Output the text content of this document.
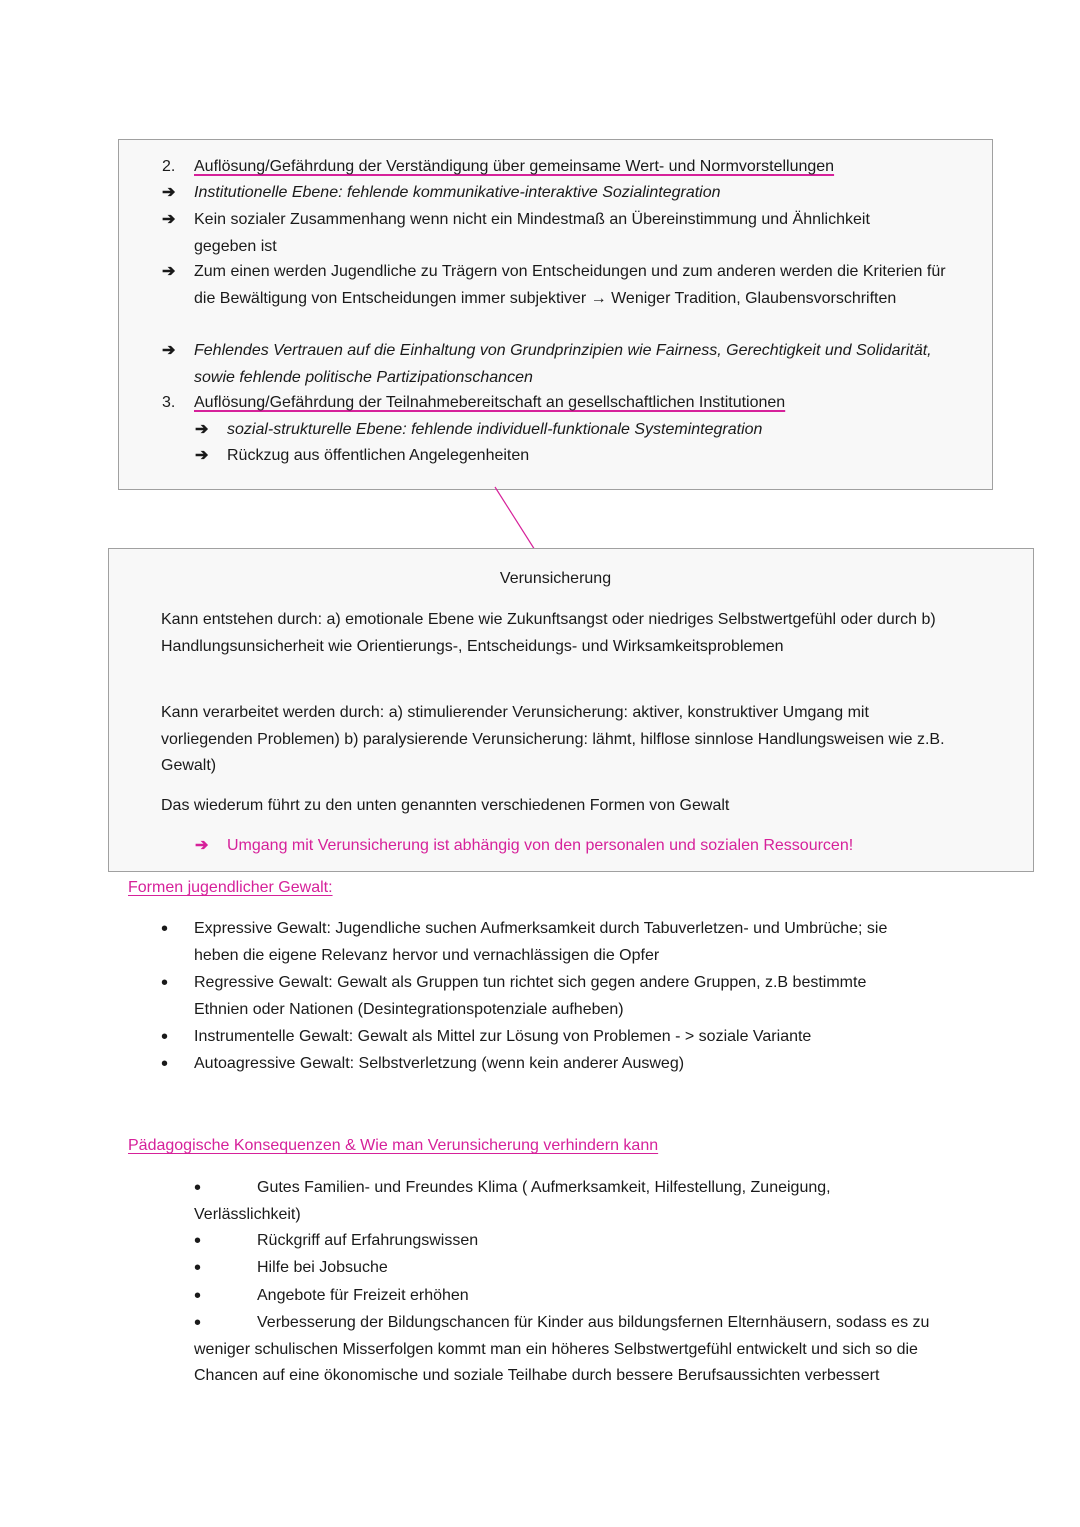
2. Auflösung/Gefährdung der Verständigung über gemeinsame Wert- und Normvorstellungen
➔ Institutionelle Ebene: fehlende kommunikative-interaktive Sozialintegration
➔ Kein sozialer Zusammenhang wenn nicht ein Mindestmaß an Übereinstimmung und Ähnlichkeit gegeben ist
➔ Zum einen werden Jugendliche zu Trägern von Entscheidungen und zum anderen werden die Kriterien für die Bewältigung von Entscheidungen immer subjektiver → Weniger Tradition, Glaubensvorschriften
➔ Fehlendes Vertrauen auf die Einhaltung von Grundprinzipien wie Fairness, Gerechtigkeit und Solidarität, sowie fehlende politische Partizipationschancen
3. Auflösung/Gefährdung der Teilnahmebereitschaft an gesellschaftlichen Institutionen
➔ sozial-strukturelle Ebene: fehlende individuell-funktionale Systemintegration
➔ Rückzug aus öffentlichen Angelegenheiten
Verunsicherung
Kann entstehen durch: a) emotionale Ebene wie Zukunftsangst oder niedriges Selbstwertgefühl oder durch b) Handlungsunsicherheit wie Orientierungs-, Entscheidungs- und Wirksamkeitsproblemen
Kann verarbeitet werden durch: a) stimulierender Verunsicherung: aktiver, konstruktiver Umgang mit vorliegenden Problemen) b) paralysierende Verunsicherung: lähmt, hilflose sinnlose Handlungsweisen wie z.B. Gewalt)
Das wiederum führt zu den unten genannten verschiedenen Formen von Gewalt
➔ Umgang mit Verunsicherung ist abhängig von den personalen und sozialen Ressourcen!
Formen jugendlicher Gewalt:
• Expressive Gewalt: Jugendliche suchen Aufmerksamkeit durch Tabuverletzen- und Umbrüche; sie heben die eigene Relevanz hervor und vernachlässigen die Opfer
• Regressive Gewalt: Gewalt als Gruppen tun richtet sich gegen andere Gruppen, z.B bestimmte Ethnien oder Nationen (Desintegrationspotenziale aufheben)
• Instrumentelle Gewalt: Gewalt als Mittel zur Lösung von Problemen - > soziale Variante
• Autoagressive Gewalt: Selbstverletzung (wenn kein anderer Ausweg)
Pädagogische Konsequenzen & Wie man Verunsicherung verhindern kann
Gutes Familien- und Freundes Klima ( Aufmerksamkeit, Hilfestellung, Zuneigung, Verlässlichkeit)
•
•	Rückgriff auf Erfahrungswissen
•	Hilfe bei Jobsuche
•	Angebote für Freizeit erhöhen
•	Verbesserung der Bildungschancen für Kinder aus bildungsfernen Elternhäusern, sodass es zu weniger schulischen Misserfolgen kommt man ein höheres Selbstwertgefühl entwickelt und sich so die Chancen auf eine ökonomische und soziale Teilhabe durch bessere Berufsaussichten verbessert
